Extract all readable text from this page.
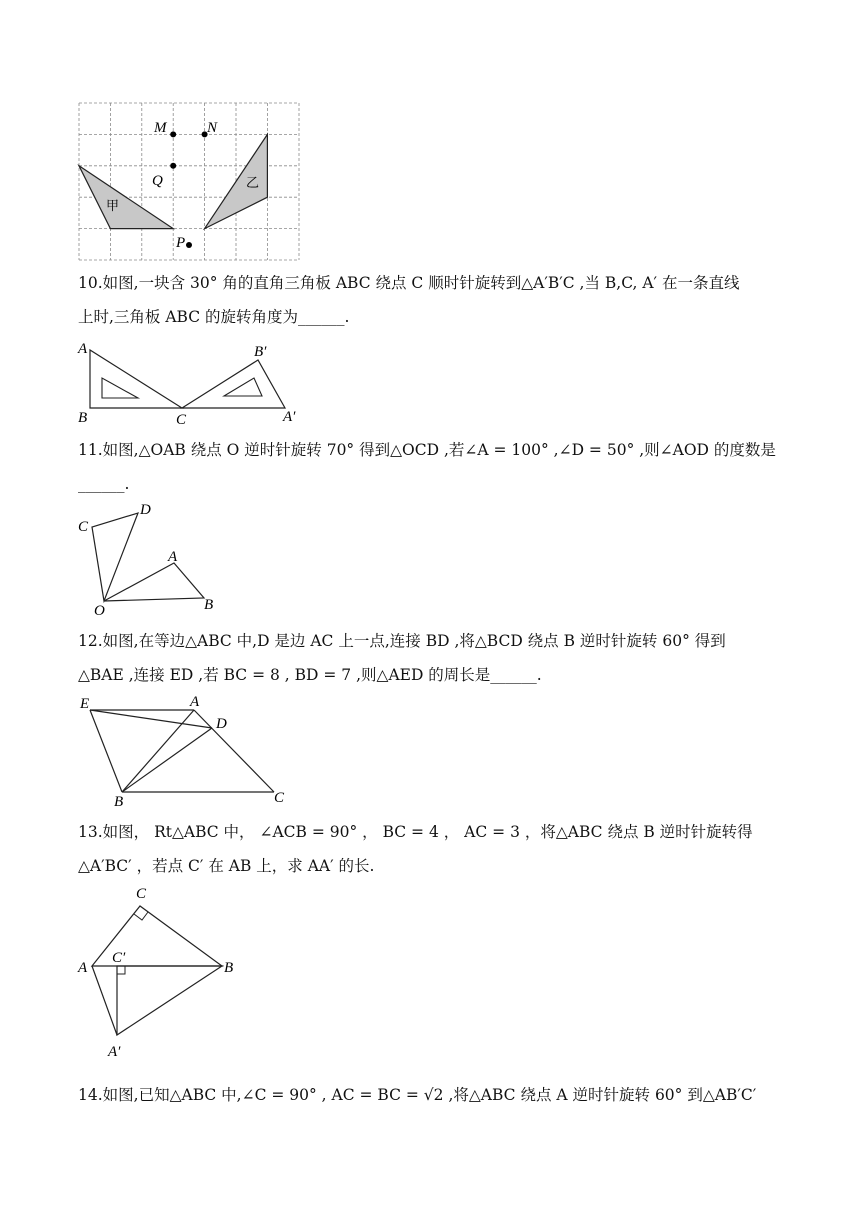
M	N
Q
P
甲
乙
10.如图,一块含 30° 角的直角三角板 ABC 绕点 C 顺时针旋转到△A′B′C ,当 B,C, A′ 在一条直线
上时,三角板 ABC 的旋转角度为______.
A
B	C
B′
A′
11.如图,△OAB 绕点 O 逆时针旋转 70° 得到△OCD ,若∠A = 100° ,∠D = 50° ,则∠AOD 的度数是
______.
C
D
A
O	B
12.如图,在等边△ABC 中,D 是边 AC 上一点,连接 BD ,将△BCD 绕点 B 逆时针旋转 60° 得到
△BAE ,连接 ED ,若 BC = 8 , BD = 7 ,则△AED 的周长是______.
E	A
D
B	C
13.如图， Rt△ABC 中， ∠ACB = 90° ， BC = 4 ， AC = 3 ，将△ABC 绕点 B 逆时针旋转得
△A′BC′ ，若点 C′ 在 AB 上，求 AA′ 的长.
C
A
C′
B
A′
14.如图,已知△ABC 中,∠C = 90° , AC = BC = √2 ,将△ABC 绕点 A 逆时针旋转 60° 到△AB′C′
